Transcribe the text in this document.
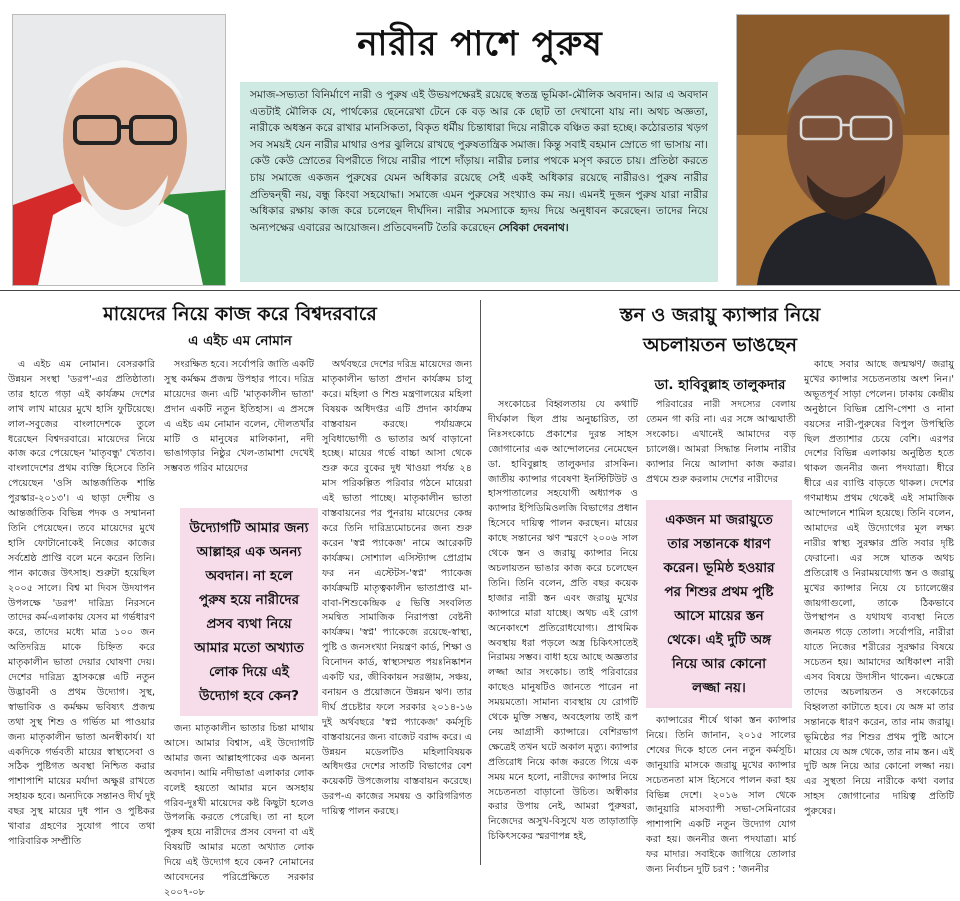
নারীর পাশে পুরুষ
সমাজ-সভ্যতা বিনির্মাণে নারী ও পুরুষ এই উভয়পক্ষেরই রয়েছে স্বতন্ত্র ভূমিকা-মৌলিক অবদান। আর এ অবদান এতটাই মৌলিক যে, পার্থক্যের ছেনেরেখা টেনে কে বড় আর কে ছোট তা দেখানো যায় না। অথচ অজ্ঞতা, নারীকে অধস্তন করে রাখার মানসিকতা, বিকৃত ধর্মীয় চিন্তাধারা দিয়ে নারীকে বঞ্চিত করা হচ্ছে। কঠোরতার খড়গ সব সময়ই যেন নারীর মাথার ওপর ঝুলিয়ে রাখছে পুরুষতান্ত্রিক সমাজ। কিন্তু সবাই বহমান স্রোতে গা ভাসায় না। কেউ কেউ স্রোতের বিপরীতে গিয়ে নারীর পাশে দাঁড়ায়। নারীর চলার পথকে মসৃণ করতে চায়। প্রতিষ্ঠা করতে চায় সমাজে একজন পুরুষের যেমন অধিকার রয়েছে সেই একই অধিকার রয়েছে নারীরও। পুরুষ নারীর প্রতিদ্বন্দ্বী নয়, বন্ধু কিংবা সহযোদ্ধা। সমাজে এমন পুরুষের সংখ্যাও কম নয়। এমনই দুজন পুরুষ যারা নারীর অধিকার রক্ষায় কাজ করে চলেছেন দীর্ঘদিন। নারীর সমস্যাকে হৃদয় দিয়ে অনুধাবন করেছেন। তাদের নিয়ে অন্যপক্ষের এবারের আয়োজন। প্রতিবেদনটি তৈরি করেছেন সেবিকা দেবনাথ।
মায়েদের নিয়ে কাজ করে বিশ্বদরবারে
এ এইচ এম নোমান

এ এইচ এম নোমান। বেসরকারি উন্নয়ন সংস্থা 'ডরপ'-এর প্রতিষ্ঠাতা। তার হাতে গড়া এই কার্যক্রম দেশের লাখ লাখ মায়ের মুখে হাসি ফুটিয়েছে। লাল-সবুজের বাংলাদেশকে তুলে ধরেছেন বিশ্বদরবারে। মায়েদের নিয়ে কাজ করে পেয়েছেন 'মাতৃবন্ধু' খেতাব। বাংলাদেশের প্রথম ব্যক্তি হিসেবে তিনি পেয়েছেন 'ওসি আন্তর্জাতিক শান্তি পুরস্কার-২০১৩'। এ ছাড়া দেশীয় ও আন্তর্জাতিক বিভিন্ন পদক ও সম্মাননা তিনি পেয়েছেন। তবে মায়েদের মুখে হাসি ফোটানোকেই নিজের কাজের সর্বশ্রেষ্ঠ প্রাপ্তি বলে মনে করেন তিনি। পান কাজের উৎসাহ। শুরুটা হয়েছিল ২০০৫ সালে। বিশ্ব মা দিবস উদযাপন উপলক্ষে 'ডরপ' দারিদ্র্য নিরসনে তাদের কর্ম-এলাকায় যেসব মা গর্ভধারণ করে, তাদের মধ্যে মাত্র ১০০ জন অতিদরিদ্র মাকে চিহ্নিত করে মাতৃকালীন ভাতা দেয়ার ঘোষণা দেয়। দেশের দারিদ্র্য হ্রাসকল্পে এটি নতুন উদ্ভাবনী ও প্রথম উদ্যোগ। সুস্থ, স্বাভাবিক ও কর্মক্ষম ভবিষ্যৎ প্রজন্ম তথা সুস্থ শিশু ও গর্ভিত মা পাওয়ার জন্য মাতৃকালীন ভাতা অনস্বীকার্য। যা একদিকে গর্ভবতী মায়ের স্বাস্থ্যসেবা ও সঠিক পুষ্টিগত অবস্থা নিশ্চিত করার পাশাপাশি মায়ের মর্যাদা অক্ষুণ্ণ রাখতে সহায়ক হবে। অন্যদিকে সন্তানও দীর্ঘ দুই বছর সুস্থ মায়ের দুধ পান ও পুষ্টিকর খাবার গ্রহণের সুযোগ পাবে তথা পারিবারিক সম্প্রীতি

সংরক্ষিত হবে। সর্বোপরি জাতি একটি সুস্থ কর্মক্ষম প্রজন্ম উপহার পাবে। দরিদ্র মায়েদের জন্য এটি 'মাতৃকালীন ভাতা' প্রদান একটি নতুন ইতিহাস। এ প্রসঙ্গে এ এইচ এম নোমান বলেন, দৌলতখাঁর মাটি ও মানুষের মালিকানা, নদী ভাঙাগড়ার নিষ্ঠুর খেল-তামাশা দেখেই সম্ভবত গরিব মায়েদের

উদ্যোগটি আমার জন্য
আল্লাহর এক অনন্য
অবদান। না হলে
পুরুষ হয়ে নারীদের
প্রসব ব্যথা নিয়ে
আমার মতো অখ্যাত
লোক দিয়ে এই
উদ্যোগ হবে কেন?

জন্য মাতৃকালীন ভাতার চিন্তা মাথায় আসে। আমার বিশ্বাস, এই উদ্যোগটি আমার জন্য আল্লাহপাকের এক অনন্য অবদান। আমি নদীভাঙা এলাকার লোক বলেই হয়তো আমার মনে অসহায় গরিব-দুঃখী মায়েদের কষ্ট কিছুটা হলেও উপলব্ধি করতে পেরেছি। তা না হলে পুরুষ হয়ে নারীদের প্রসব বেদনা বা এই বিষয়টি আমার মতো অখ্যাত লোক দিয়ে এই উদ্যোগ হবে কেন? নোমানের আবেদনের পরিপ্রেক্ষিতে সরকার ২০০৭-০৮

অর্থবছরে দেশের দরিদ্র মায়েদের জন্য মাতৃকালীন ভাতা প্রদান কার্যক্রম চালু করে। মহিলা ও শিশু মন্ত্রণালয়ের মহিলা বিষয়ক অধিদপ্তর এটি প্রদান কার্যক্রম বাস্তবায়ন করছে। পর্যায়ক্রমে সুবিধাভোগী ও ভাতার অর্থ বাড়ানো হচ্ছে। মায়ের গর্ভে বাচ্চা আসা থেকে শুরু করে বুকের দুধ খাওয়া পর্যন্ত ২৪ মাস পরিকল্পিত পরিবার গঠনে মায়েরা এই ভাতা পাচ্ছে। মাতৃকালীন ভাতা বাস্তবায়নের পর পুনরায় মায়েদের কেন্দ্র করে তিনি দারিদ্র্যমোচনের জন্য শুরু করেন 'স্বপ্ন প্যাকেজ' নামে আরেকটি কার্যক্রম। সোশ্যাল এসিস্ট্যান্স প্রোগ্রাম ফর নন এস্টেটস-'স্বপ্ন' প্যাকেজ কার্যক্রমটি মাতৃত্বকালীন ভাতাপ্রাপ্ত মা-বাবা-শিশুকেন্দ্রিক ৫ ভিত্তি সংবলিত সমন্বিত সামাজিক নিরাপত্তা বেষ্টনী কার্যক্রম। 'স্বপ্ন' প্যাকেজে রয়েছে-স্বাস্থ্য, পুষ্টি ও জনসংখ্যা নিয়ন্ত্রণ কার্ড, শিক্ষা ও বিনোদন কার্ড, স্বাস্থ্যসম্মত পয়ঃনিষ্কাশন একটি ঘর, জীবিকায়ন সরঞ্জাম, সঞ্চয়, বনায়ন ও প্রয়োজনে উন্নয়ন ঋণ। তার দীর্ঘ প্রচেষ্টার ফলে সরকার ২০১৪-১৬ দুই অর্থবছরে 'স্বপ্ন প্যাকেজ' কর্মসূচি বাস্তবায়নের জন্য বাজেট বরাদ্দ করে। এ উন্নয়ন মডেলটিও মহিলাবিষয়ক অধিদপ্তর দেশের সাতটি বিভাগের বেশ কয়েকটি উপজেলায় বাস্তবায়ন করেছে। ডরপ-এ কাজের সমন্বয় ও কারিগরিগত দায়িত্ব পালন করছে।

স্তন ও জরায়ু ক্যান্সার নিয়ে
অচলায়তন ভাঙছেন
ডা. হাবিবুল্লাহ তালুকদার

সংকোচের বিহ্বলতায় যে কথাটি দীর্ঘকাল ছিল প্রায় অনুচ্চারিত, তা নিঃসংকোচে প্রকাশের দুরন্ত সাহস জোগানোর এক আন্দোলনের নেমেছেন ডা. হাবিবুল্লাহ তালুকদার রাসকিন। জাতীয় ক্যান্সার গবেষণা ইনস্টিটিউট ও হাসপাতালের সহযোগী অধ্যাপক ও ক্যান্সার ইপিডিমিওলজি বিভাগের প্রধান হিসেবে দায়িত্ব পালন করছেন। মায়ের কাছে সন্তানের ঋণ স্মরণে ২০০৬ সাল থেকে স্তন ও জরায়ু ক্যান্সার নিয়ে অচলায়তন ভাঙার কাজ করে চলেছেন তিনি। তিনি বলেন, প্রতি বছর কয়েক হাজার নারী স্তন এবং জরায়ু মুখের ক্যান্সারে মারা যাচ্ছে। অথচ এই রোগ অনেকাংশে প্রতিরোধযোগ্য। প্রাথমিক অবস্থায় ধরা পড়লে অস্ত্র চিকিৎসাতেই নিরাময় সম্ভব। বাধা হয়ে আছে অজ্ঞতার লজ্জা আর সংকোচ। তাই পরিবারের কাছেও মানুষটিও জানতে পারেন না সময়মতো। সামান্য ব্যবস্থায় যে রোগটি থেকে মুক্তি সম্ভব, অবহেলায় তাই রূপ নেয় আগ্রাসী ক্যান্সারে। বেশিরভাগ ক্ষেত্রেই তখন ঘটে অকাল মৃত্যু। ক্যান্সার প্রতিরোধ নিয়ে কাজ করতে গিয়ে এক সময় মনে হলো, নারীদের ক্যান্সার নিয়ে সচেতনতা বাড়ানো উচিত। অস্বীকার করার উপায় নেই, আমরা পুরুষরা, নিজেদের অসুখ-বিসুখে যত তাড়াতাড়ি চিকিৎসকের স্মরণাপন্ন হই,

পরিবারের নারী সদস্যের বেলায় তেমন গা করি না। এর সঙ্গে আত্মঘাতী সংকোচ। এখানেই আমাদের বড় চ্যালেঞ্জ। আমরা সিদ্ধান্ত নিলাম নারীর ক্যান্সার নিয়ে আলাদা কাজ করার। প্রথমে শুরু করলাম দেশের নারীদের

একজন মা জরায়ুতে
তার সন্তানকে ধারণ
করেন। ভূমিষ্ঠ হওয়ার
পর শিশুর প্রথম পুষ্টি
আসে মায়ের স্তন
থেকে। এই দুটি অঙ্গ
নিয়ে আর কোনো
লজ্জা নয়।

ক্যান্সারের শীর্ষে থাকা স্তন ক্যান্সার নিয়ে। তিনি জানান, ২০১৫ সালের শেষের দিকে হাতে নেন নতুন কর্মসূচি। জানুয়ারি মাসকে জরায়ু মুখের ক্যান্সার সচেতনতা মাস হিসেবে পালন করা হয় বিভিন্ন দেশে। ২০১৬ সাল থেকে জানুয়ারি মাসব্যাপী সভা-সেমিনারের পাশাপাশি একটি নতুন উদ্যোগ যোগ করা হয়। জননীর জন্য পদযাত্রা। মার্চ ফর মাদার। সবাইকে জাগিয়ে তোলার জন্য নির্বাচন দুটি চরণ : 'জননীর

কাছে সবার আছে জন্মঋণ/ জরায়ু মুখের ক্যান্সার সচেতনতায় অংশ নিন।' অভূতপূর্ব সাড়া পেলেন। ঢাকায় কেন্দ্রীয় অনুষ্ঠানে বিভিন্ন শ্রেণি-পেশা ও নানা বয়সের নারী-পুরুষের বিপুল উপস্থিতি ছিল প্রত্যাশার চেয়ে বেশি। এরপর দেশের বিভিন্ন এলাকায় অনুষ্ঠিত হতে থাকল জননীর জন্য পদযাত্রা। ধীরে ধীরে এর ব্যাপ্তি বাড়তে থাকল। দেশের গণমাধ্যম প্রথম থেকেই এই সামাজিক আন্দোলনে শামিল হয়েছে। তিনি বলেন, আমাদের এই উদ্যোগের মূল লক্ষ্য নারীর স্বাস্থ্য সুরক্ষার প্রতি সবার দৃষ্টি ফেরানো। এর সঙ্গে ঘাতক অথচ প্রতিরোধ ও নিরাময়যোগ্য স্তন ও জরায়ু মুখের ক্যান্সার নিয়ে যে চ্যালেঞ্জের জায়গাগুলো, তাকে ঠিকভাবে উপস্থাপন ও যথাযথ ব্যবস্থা নিতে জনমত গড়ে তোলা। সর্বোপরি, নারীরা যাতে নিজের শরীরের সুরক্ষার বিষয়ে সচেতন হয়। আমাদের অধিকাংশ নারী এসব বিষয়ে উদাসীন থাকেন। এক্ষেত্রে তাদের অচলায়তন ও সংকোচের বিহ্বলতা কাটাতে হবে। যে অঙ্গ মা তার সন্তানকে ধারণ করেন, তার নাম জরায়ু। ভূমিষ্ঠের পর শিশুর প্রথম পুষ্টি আসে মায়ের যে অঙ্গ থেকে, তার নাম স্তন। এই দুটি অঙ্গ নিয়ে আর কোনো লজ্জা নয়। এর সুস্থতা নিয়ে নারীকে কথা বলার সাহস জোগানোর দায়িত্ব প্রতিটি পুরুষের।
